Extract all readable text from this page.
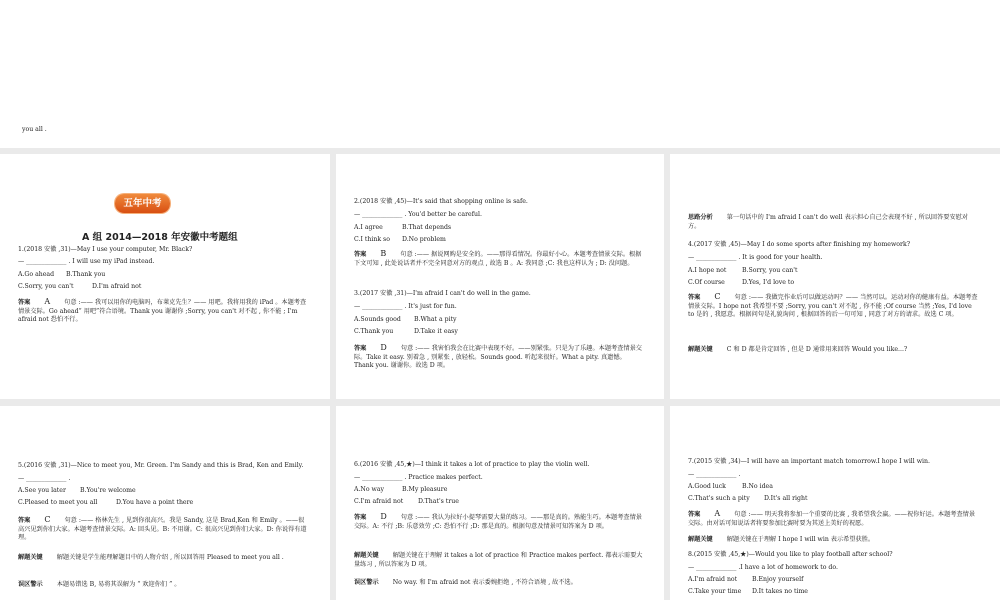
you all .
五年中考
A 组 2014—2018 年安徽中考题组
1.(2018 安徽 ,31)—May I use your computer, Mr. Black?
— _____________ . I will use my iPad instead.
A.Go ahead B.Thank you
C.Sorry, you can't	D.I'm afraid not
答案 A 句意 :—— 我可以用你的电脑吗，布莱克先生？—— 用吧。我将用我的 iPad 。本题考查情景交际。Go ahead“ 用吧”符合语境。Thank you 谢谢你 ;Sorry, you can't 对不起 , 你不能 ; I'm afraid not 恐怕不行。
2.(2018 安徽 ,45)—It's said that shopping online is safe.
— _____________ . You'd better be careful.
A.I agree	B.That depends
C.I think so D.No problem
答案 B 句意 :—— 据说网购是安全的。——那得看情况。你最好小心。本题考查情景交际。根据下文可知 , 此处说话者并不完全同意对方的观点 , 故选 B 。A: 我同意 ;C: 我也这样认为 ; D: 没问题。
3.(2017 安徽 ,31)—I'm afraid I can't do well in the game.
— _____________ . It's just for fun.
A.Sounds good B.What a pity
C.Thank you	D.Take it easy
答案 D 句意 :—— 我害怕我会在比赛中表现不好。——别紧张。只是为了乐趣。本题考查情景交际。Take it easy. 别着急 , 别紧张 , 放轻松。Sounds good. 听起来很好。What a pity. 真遗憾。Thank you. 谢谢你。故选 D 项。
思路分析 第一句话中的 I'm afraid I can't do well 表示担心自己会表现不好 , 所以回答要安慰对方。
4.(2017 安徽 ,45)—May I do some sports after finishing my homework?
— _____________ . It is good for your health.
A.I hope not	B.Sorry, you can't
C.Of course	D.Yes, I'd love to
答案 C 句意 :—— 我做完作业后可以做运动吗？—— 当然可以。运动对你的健康有益。本题考查情景交际。I hope not 我希望不要 ;Sorry, you can't 对不起 , 你不能 ;Of course 当然 ;Yes, I'd love to 是的 , 我愿意。根据问句是礼貌询问 , 根据回答的后一句可知 , 同意了对方的请求。故选 C 项。
解题关键 C 和 D 都是肯定回答 , 但是 D 通常用来回答 Would you like...?
5.(2016 安徽 ,31)—Nice to meet you, Mr. Green. I'm Sandy and this is Brad, Ken and Emily.
— _____________ .
A.See you later B.You're welcome
C.Pleased to meet you all	D.You have a point there
答案 C 句意 :—— 格林先生 , 见到你很高兴。我是 Sandy, 这是 Brad,Ken 和 Emily 。——很高兴见到你们大家。本题考查情景交际。A: 回头见。B: 不用谢。C: 很高兴见到你们大家。D: 你说得有道理。
解题关键 解题关键是学生能理解题目中的人物介绍 , 所以回答用 Pleased to meet you all .
误区警示 本题易错选 B, 易将其误解为 “ 欢迎你们 ” 。
6.(2016 安徽 ,45,★)—I think it takes a lot of practice to play the violin well.
— _____________ . Practice makes perfect.
A.No way	B.My pleasure
C.I'm afraid not D.That's true
答案 D 句意 :—— 我认为拉好小提琴需要大量的练习。——那是真的。熟能生巧。本题考查情景交际。A: 不行 ;B: 乐意效劳 ;C: 恐怕不行 ;D: 那是真的。根据句意及情景可知答案为 D 项。
解题关键 解题关键在于理解 it takes a lot of practice 和 Practice makes perfect. 都表示需要大量练习 , 所以答案为 D 项。
误区警示 No way. 和 I'm afraid not 表示委婉拒绝 , 不符合语境 , 故不选。
7.(2015 安徽 ,34)—I will have an important match tomorrow.I hope I will win.
— _____________ .
A.Good luck	B.No idea
C.That's such a pity D.It's all right
答案 A 句意 :—— 明天我将参加一个重要的比赛 , 我希望我会赢。——祝你好运。本题考查情景交际。由对话可知说话者将要参加比赛时要为其送上美好的祝愿。
解题关键 解题关键在于理解 I hope I will win 表示希望获胜。
8.(2015 安徽 ,45,★)—Would you like to play football after school?
— _____________ .I have a lot of homework to do.
A.I'm afraid not B.Enjoy yourself
C.Take your time D.It takes no time
